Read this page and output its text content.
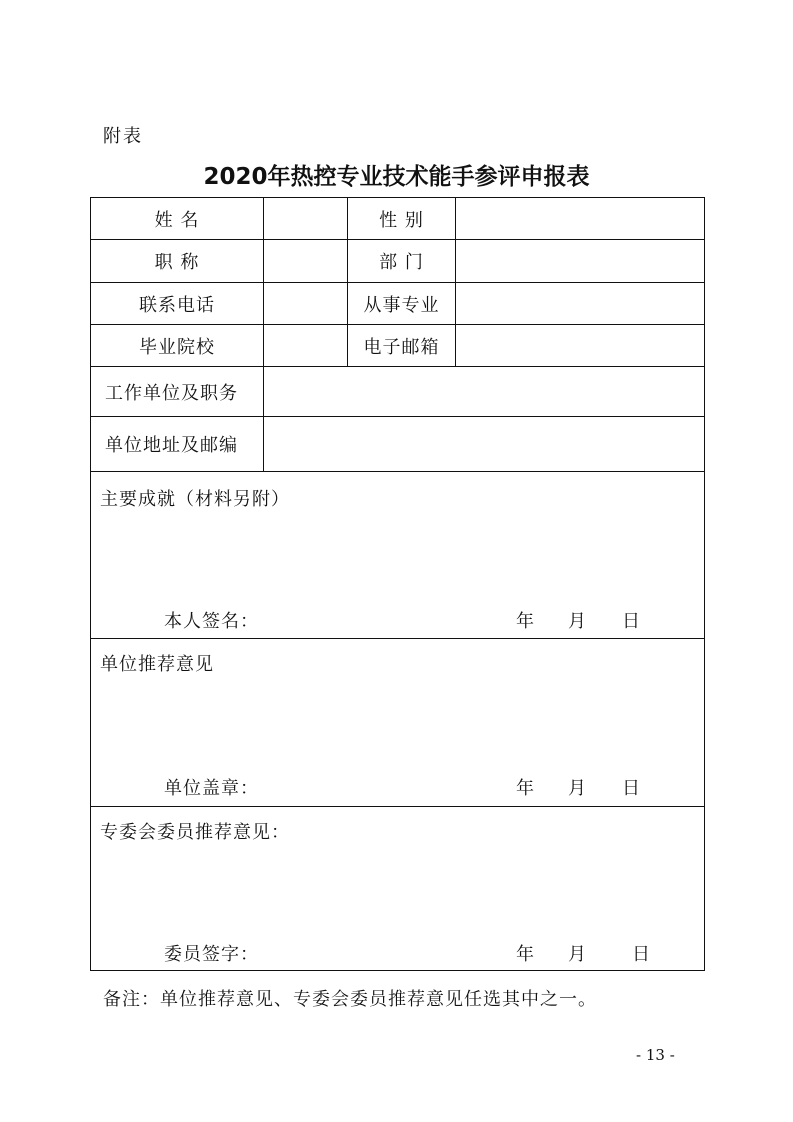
附表
2020年热控专业技术能手参评申报表
姓 名	性 别
职 称	部 门
联系电话	从事专业
毕业院校	电子邮箱
工作单位及职务
单位地址及邮编
主要成就（材料另附）
本人签名：	年 月 日
单位推荐意见
单位盖章：	年 月 日
专委会委员推荐意见：
委员签字：	年 月	日
备注：单位推荐意见、专委会委员推荐意见任选其中之一。
- 13 -
